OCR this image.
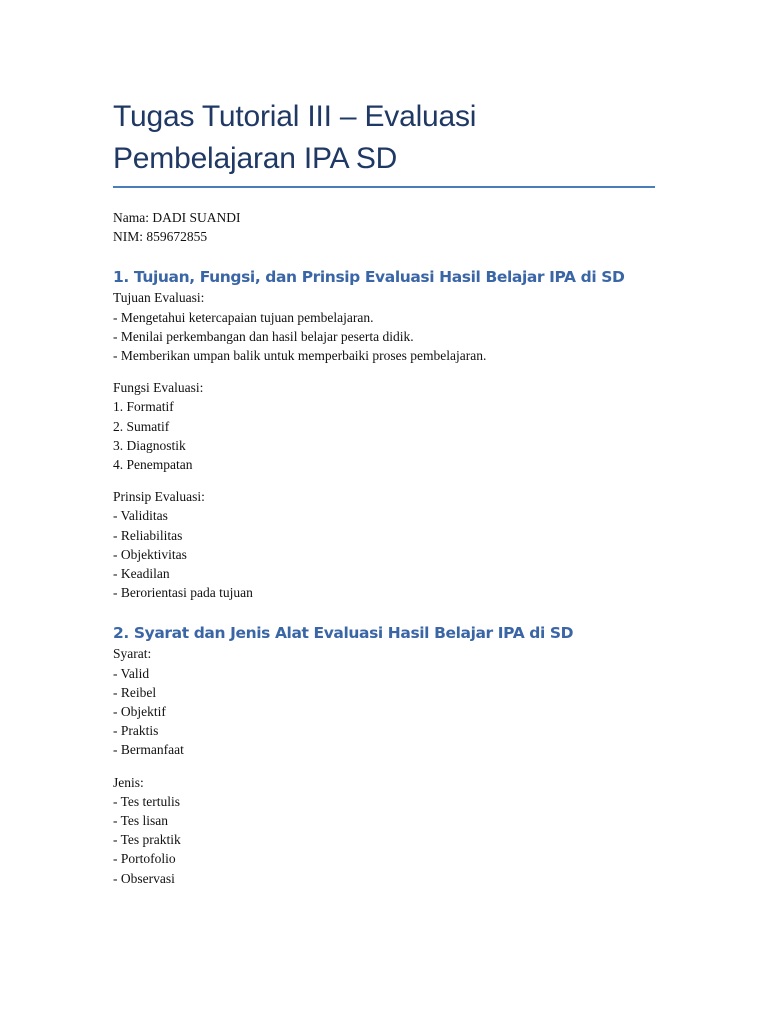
Tugas Tutorial III – Evaluasi
Pembelajaran IPA SD
Nama: DADI SUANDI
NIM: 859672855
1. Tujuan, Fungsi, dan Prinsip Evaluasi Hasil Belajar IPA di SD
Tujuan Evaluasi:
- Mengetahui ketercapaian tujuan pembelajaran.
- Menilai perkembangan dan hasil belajar peserta didik.
- Memberikan umpan balik untuk memperbaiki proses pembelajaran.
Fungsi Evaluasi:
1. Formatif
2. Sumatif
3. Diagnostik
4. Penempatan
Prinsip Evaluasi:
- Validitas
- Reliabilitas
- Objektivitas
- Keadilan
- Berorientasi pada tujuan
2. Syarat dan Jenis Alat Evaluasi Hasil Belajar IPA di SD
Syarat:
- Valid
- Reibel
- Objektif
- Praktis
- Bermanfaat
Jenis:
- Tes tertulis
- Tes lisan
- Tes praktik
- Portofolio
- Observasi
